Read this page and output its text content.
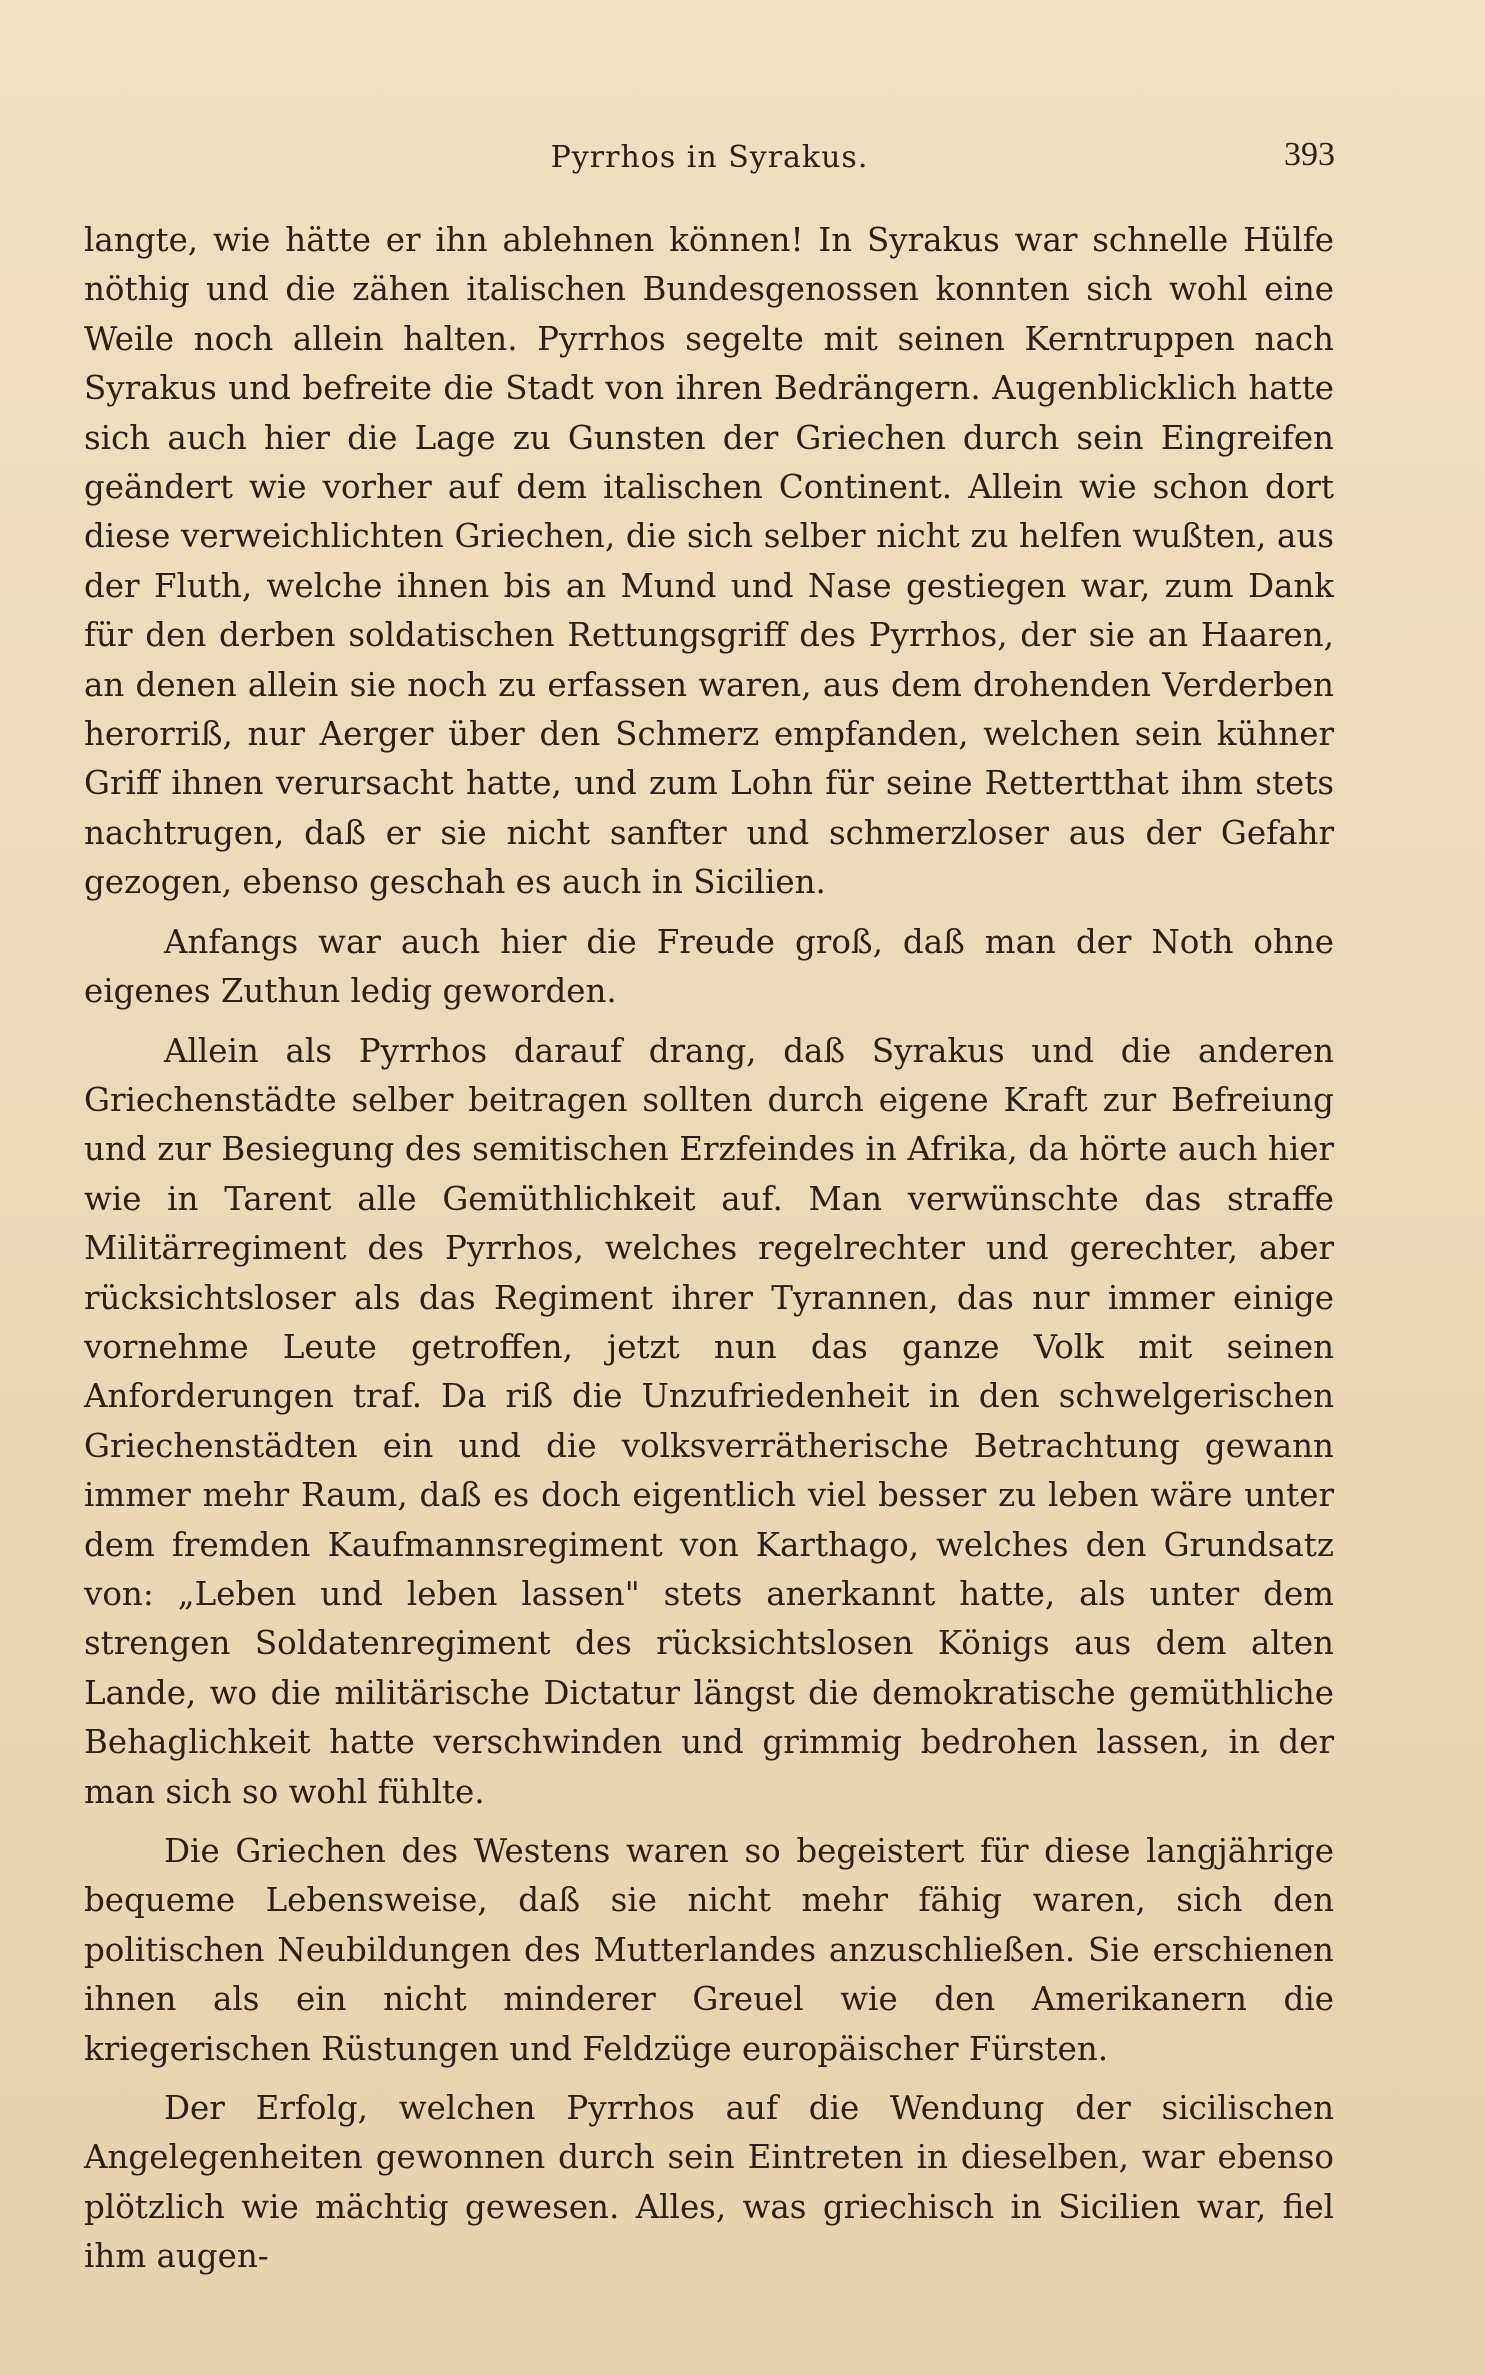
Pyrrhos in Syrakus.	393

langte, wie hätte er ihn ablehnen können! In Syrakus war schnelle Hülfe nöthig und die zähen italischen Bundesgenossen konnten sich wohl eine Weile noch allein halten. Pyrrhos segelte mit seinen Kerntruppen nach Syrakus und befreite die Stadt von ihren Bedrängern. Augenblicklich hatte sich auch hier die Lage zu Gunsten der Griechen durch sein Eingreifen geändert wie vorher auf dem italischen Continent. Allein wie schon dort diese verweichlichten Griechen, die sich selber nicht zu helfen wußten, aus der Fluth, welche ihnen bis an Mund und Nase gestiegen war, zum Dank für den derben soldatischen Rettungsgriff des Pyrrhos, der sie an Haaren, an denen allein sie noch zu erfassen waren, aus dem drohenden Verderben herorriß, nur Aerger über den Schmerz empfanden, welchen sein kühner Griff ihnen verursacht hatte, und zum Lohn für seine Rettertthat ihm stets nachtrugen, daß er sie nicht sanfter und schmerzloser aus der Gefahr gezogen, ebenso geschah es auch in Sicilien.

Anfangs war auch hier die Freude groß, daß man der Noth ohne eigenes Zuthun ledig geworden.

Allein als Pyrrhos darauf drang, daß Syrakus und die anderen Griechenstädte selber beitragen sollten durch eigene Kraft zur Befreiung und zur Besiegung des semitischen Erzfeindes in Afrika, da hörte auch hier wie in Tarent alle Gemüthlichkeit auf. Man verwünschte das straffe Militärregiment des Pyrrhos, welches regelrechter und gerechter, aber rücksichtsloser als das Regiment ihrer Tyrannen, das nur immer einige vornehme Leute getroffen, jetzt nun das ganze Volk mit seinen Anforderungen traf. Da riß die Unzufriedenheit in den schwelgerischen Griechenstädten ein und die volksverrätherische Betrachtung gewann immer mehr Raum, daß es doch eigentlich viel besser zu leben wäre unter dem fremden Kaufmannsregiment von Karthago, welches den Grundsatz von: „Leben und leben lassen" stets anerkannt hatte, als unter dem strengen Soldatenregiment des rücksichtslosen Königs aus dem alten Lande, wo die militärische Dictatur längst die demokratische gemüthliche Behaglichkeit hatte verschwinden und grimmig bedrohen lassen, in der man sich so wohl fühlte.

Die Griechen des Westens waren so begeistert für diese langjährige bequeme Lebensweise, daß sie nicht mehr fähig waren, sich den politischen Neubildungen des Mutterlandes anzuschließen. Sie erschienen ihnen als ein nicht minderer Greuel wie den Amerikanern die kriegerischen Rüstungen und Feldzüge europäischer Fürsten.

Der Erfolg, welchen Pyrrhos auf die Wendung der sicilischen Angelegenheiten gewonnen durch sein Eintreten in dieselben, war ebenso plötzlich wie mächtig gewesen. Alles, was griechisch in Sicilien war, fiel ihm augen-
